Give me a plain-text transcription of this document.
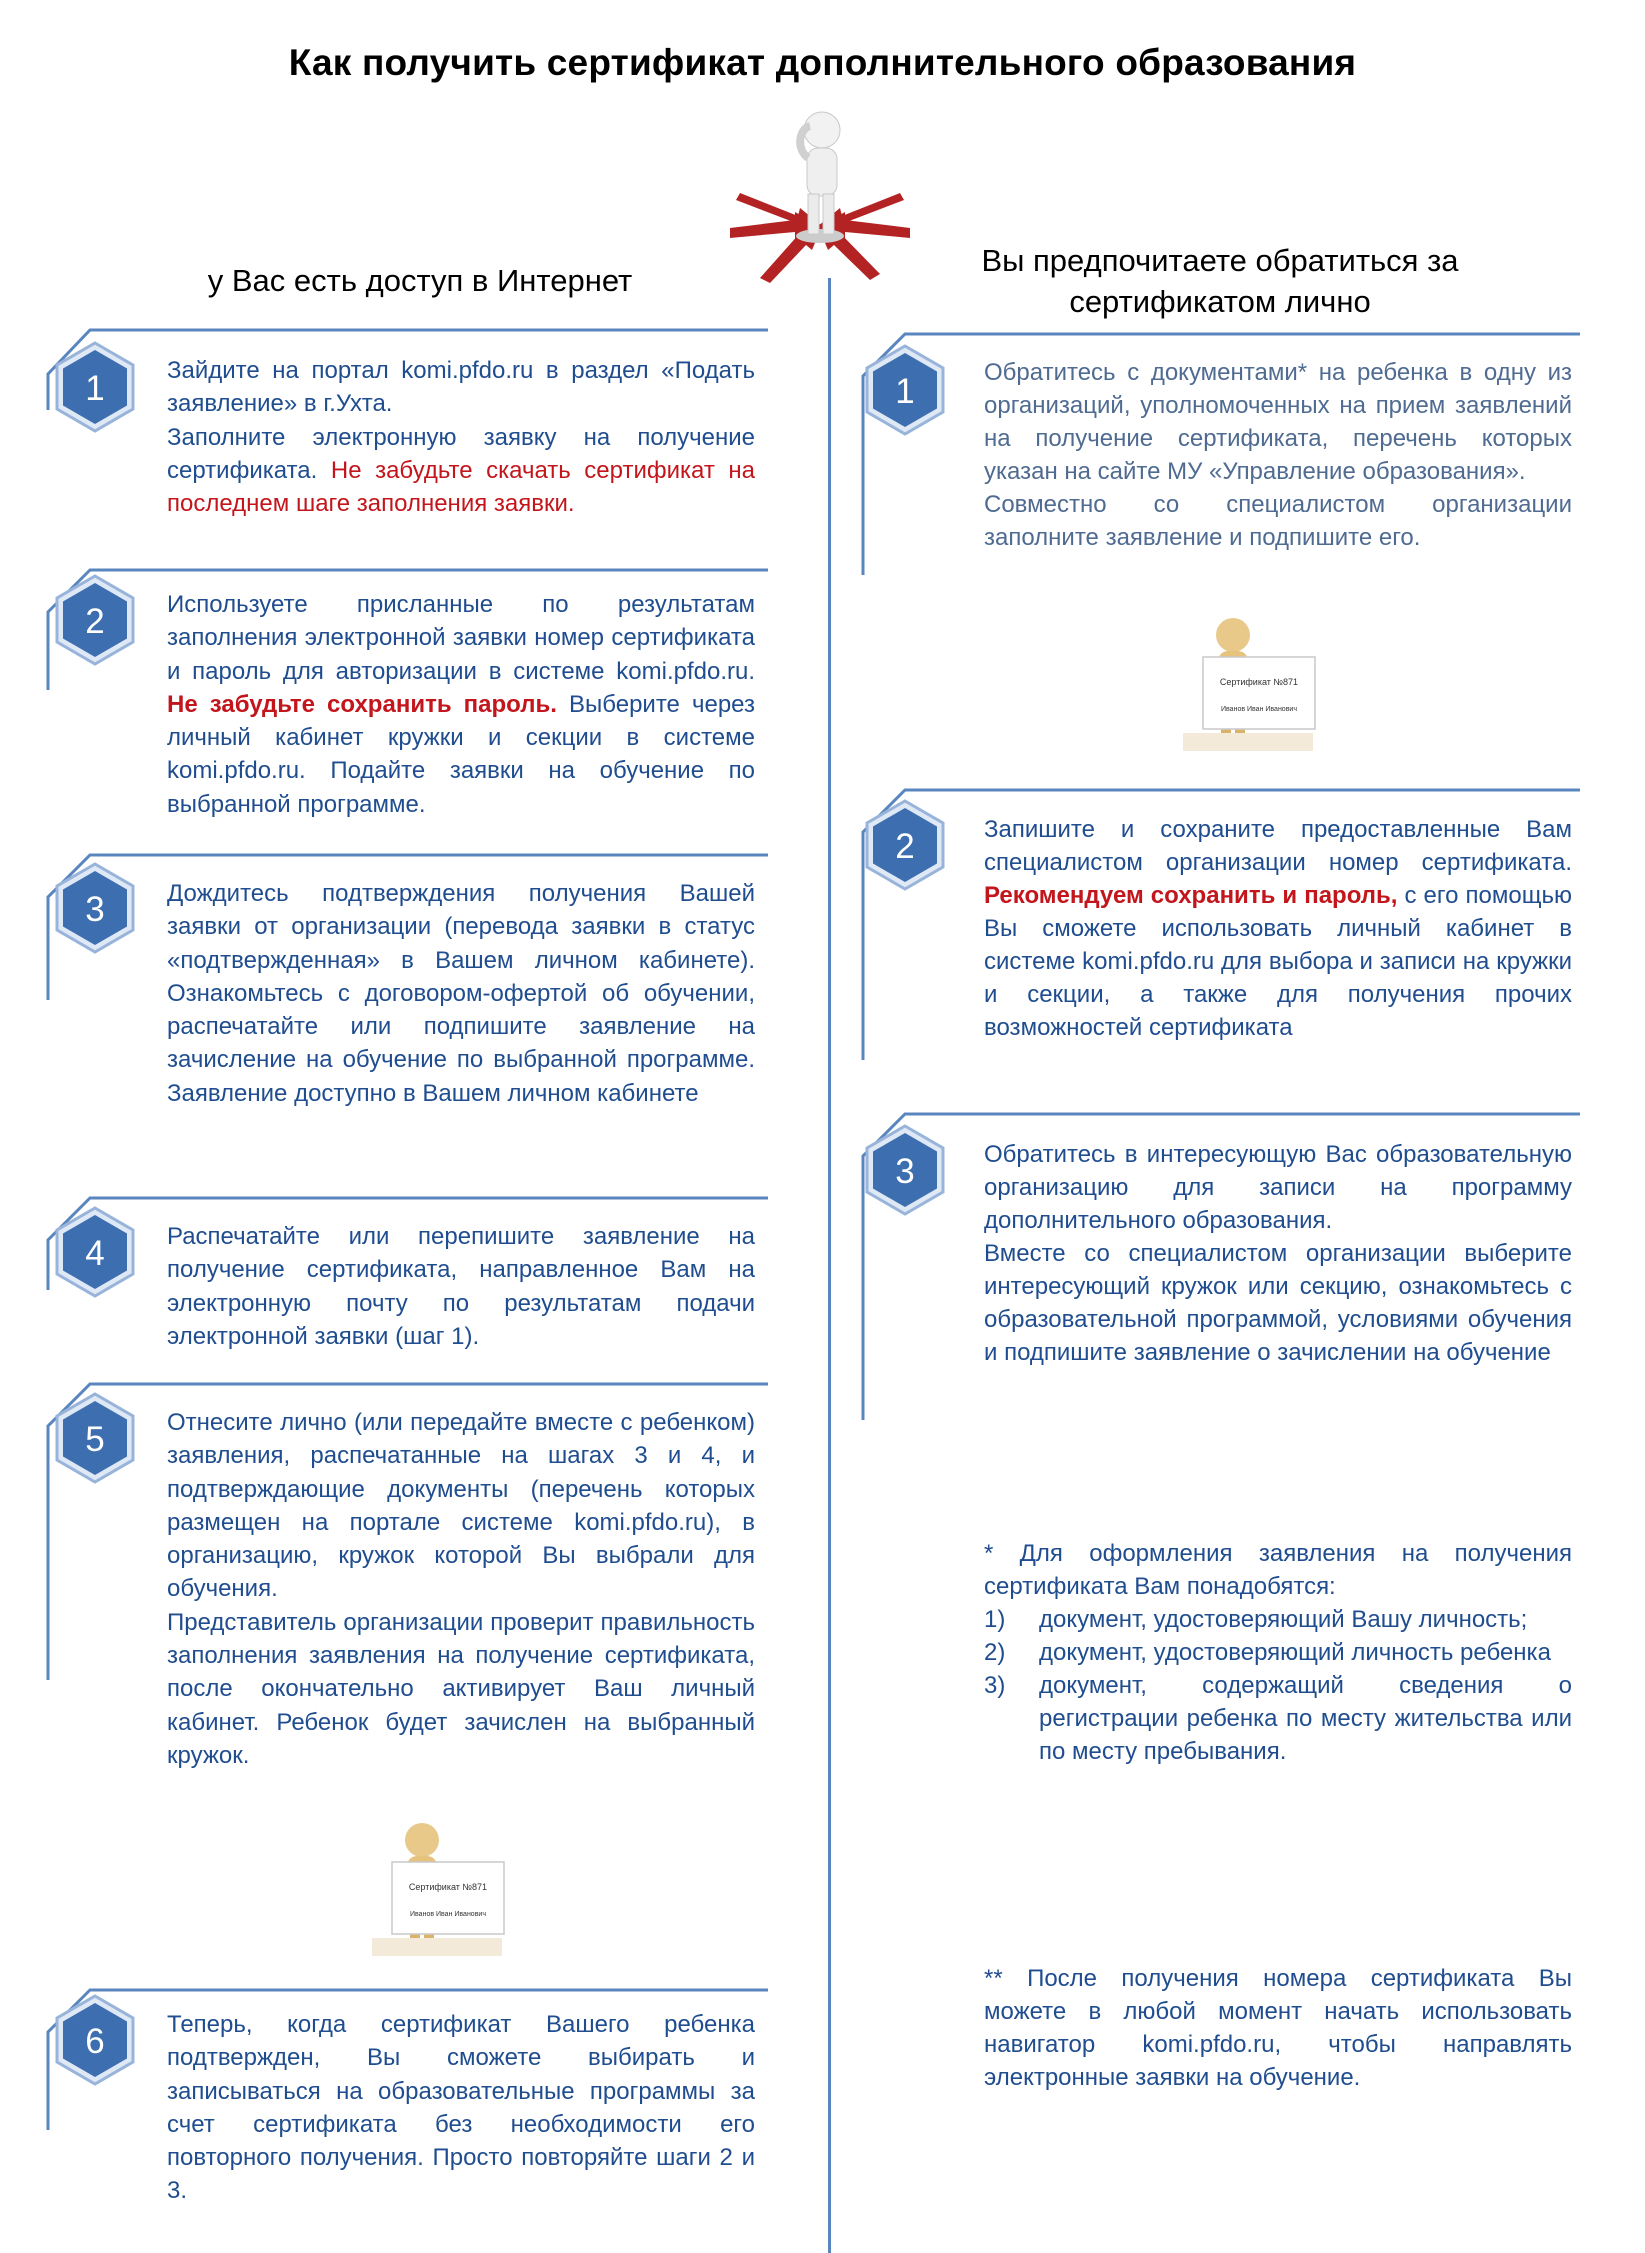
Как получить сертификат дополнительного образования
у Вас есть доступ в Интернет
Вы предпочитаете обратиться за сертификатом лично
1	Зайдите на портал komi.pfdo.ru в раздел «Подать заявление» в г.Ухта.
Заполните электронную заявку на получение сертификата. Не забудьте скачать сертификат на последнем шаге заполнения заявки.
2	Используете присланные по результатам заполнения электронной заявки номер сертификата и пароль для авторизации в системе komi.pfdo.ru. Не забудьте сохранить пароль. Выберите через личный кабинет кружки и секции в системе komi.pfdo.ru. Подайте заявки на обучение по выбранной программе.
3	Дождитесь подтверждения получения Вашей заявки от организации (перевода заявки в статус «подтвержденная» в Вашем личном кабинете). Ознакомьтесь с договором-офертой об обучении, распечатайте или подпишите заявление на зачисление на обучение по выбранной программе. Заявление доступно в Вашем личном кабинете
4	Распечатайте или перепишите заявление на получение сертификата, направленное Вам на электронную почту по результатам подачи электронной заявки (шаг 1).
5	Отнесите лично (или передайте вместе с ребенком) заявления, распечатанные на шагах 3 и 4, и подтверждающие документы (перечень которых размещен на портале системе komi.pfdo.ru), в организацию, кружок которой Вы выбрали для обучения.
Представитель организации проверит правильность заполнения заявления на получение сертификата, после окончательно активирует Ваш личный кабинет. Ребенок будет зачислен на выбранный кружок.
6	Теперь, когда сертификат Вашего ребенка подтвержден, Вы сможете выбирать и записываться на образовательные программы за счет сертификата без необходимости его повторного получения. Просто повторяйте шаги 2 и 3.
1	Обратитесь с документами* на ребенка в одну из организаций, уполномоченных на прием заявлений на получение сертификата, перечень которых указан на сайте МУ «Управление образования».
Совместно со специалистом организации заполните заявление и подпишите его.
2	Запишите и сохраните предоставленные Вам специалистом организации номер сертификата. Рекомендуем сохранить и пароль, с его помощью Вы сможете использовать личный кабинет в системе komi.pfdo.ru для выбора и записи на кружки и секции, а также для получения прочих возможностей сертификата
3	Обратитесь в интересующую Вас образовательную организацию для записи на программу дополнительного образования.
Вместе со специалистом организации выберите интересующий кружок или секцию, ознакомьтесь с образовательной программой, условиями обучения и подпишите заявление о зачислении на обучение
* Для оформления заявления на получения сертификата Вам понадобятся:
1) документ, удостоверяющий Вашу личность;
2) документ, удостоверяющий личность ребенка
3) документ, содержащий сведения о регистрации ребенка по месту жительства или по месту пребывания.
** После получения номера сертификата Вы можете в любой момент начать использовать навигатор komi.pfdo.ru, чтобы направлять электронные заявки на обучение.
